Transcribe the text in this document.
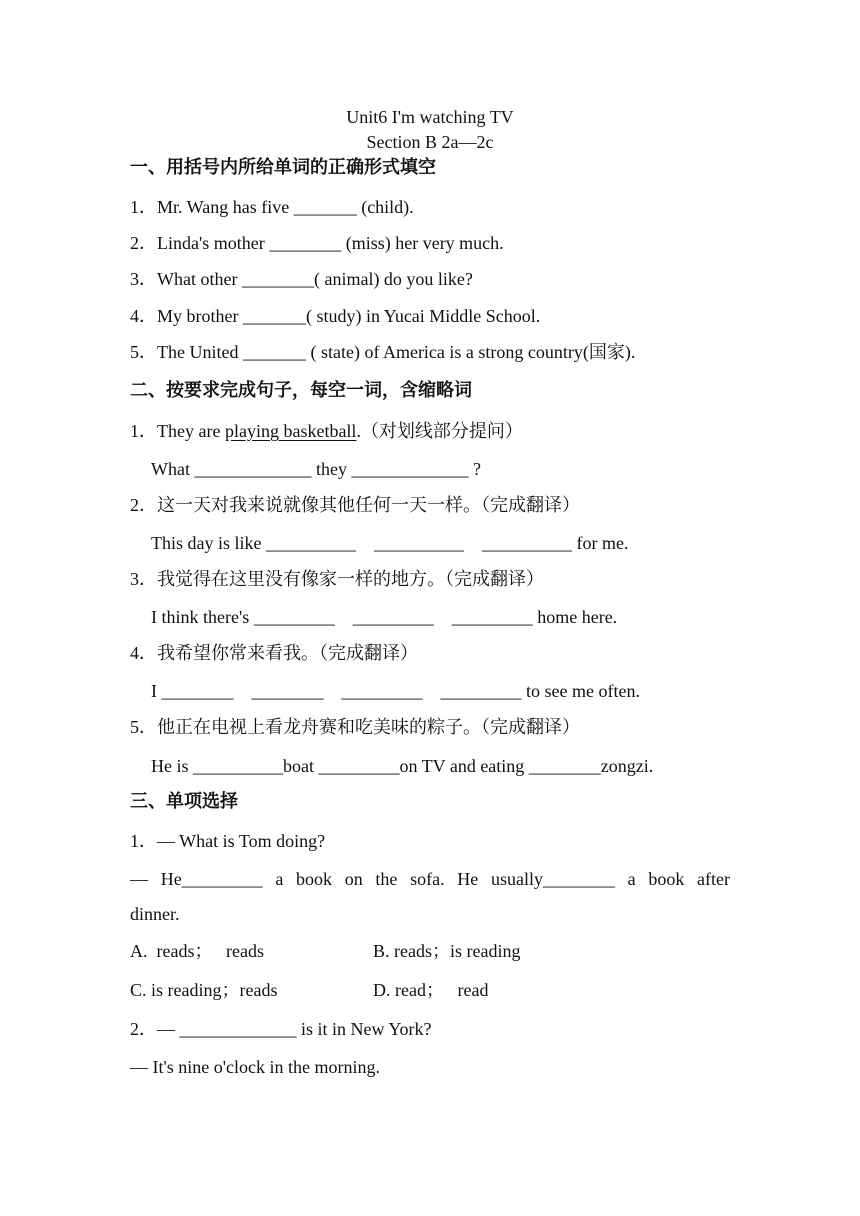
Unit6 I'm watching TV
Section B 2a—2c
一、用括号内所给单词的正确形式填空
1．Mr. Wang has five _______ (child).
2．Linda's mother ________ (miss) her very much.
3．What other ________( animal) do you like?
4．My brother _______( study) in Yucai Middle School.
5．The United _______ ( state) of America is a strong country(国家).
二、按要求完成句子，每空一词，含缩略词
1．They are playing basketball.（对划线部分提问）
What _____________ they _____________ ?
2．这一天对我来说就像其他任何一天一样。（完成翻译）
This day is like __________    __________    __________ for me.
3．我觉得在这里没有像家一样的地方。（完成翻译）
I think there's _________    _________    _________ home here.
4．我希望你常来看我。（完成翻译）
I ________    ________    _________    _________ to see me often.
5．他正在电视上看龙舟赛和吃美味的粽子。（完成翻译）
He is __________boat _________on TV and eating ________zongzi.
三、单项选择
1．— What is Tom doing?
— He_________ a book on the sofa. He usually________ a book after
dinner.
A.  reads；   reads	B. reads；is reading
C. is reading；reads	D. read；   read
2．— _____________ is it in New York?
— It's nine o'clock in the morning.
